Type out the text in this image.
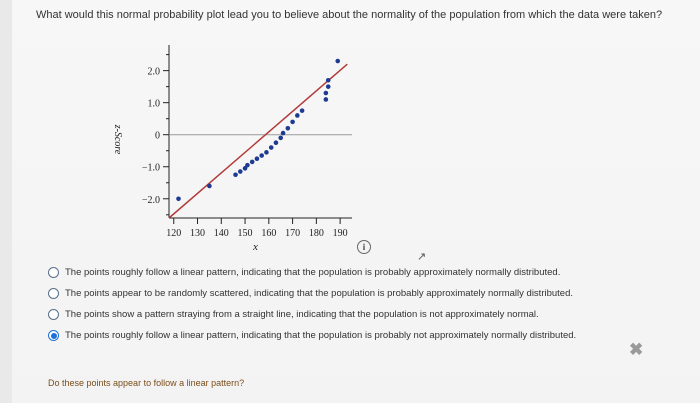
What would this normal probability plot lead you to believe about the normality of the population from which the data were taken?
2.0
1.0
0
−1.0
−2.0
120 130 140 150 160 170 180 190
z-Score
x	i
↗
The points roughly follow a linear pattern, indicating that the population is probably approximately normally distributed.
The points appear to be randomly scattered, indicating that the population is probably approximately normally distributed.
The points show a pattern straying from a straight line, indicating that the population is not approximately normal.
The points roughly follow a linear pattern, indicating that the population is probably not approximately normally distributed.
✖
Do these points appear to follow a linear pattern?
